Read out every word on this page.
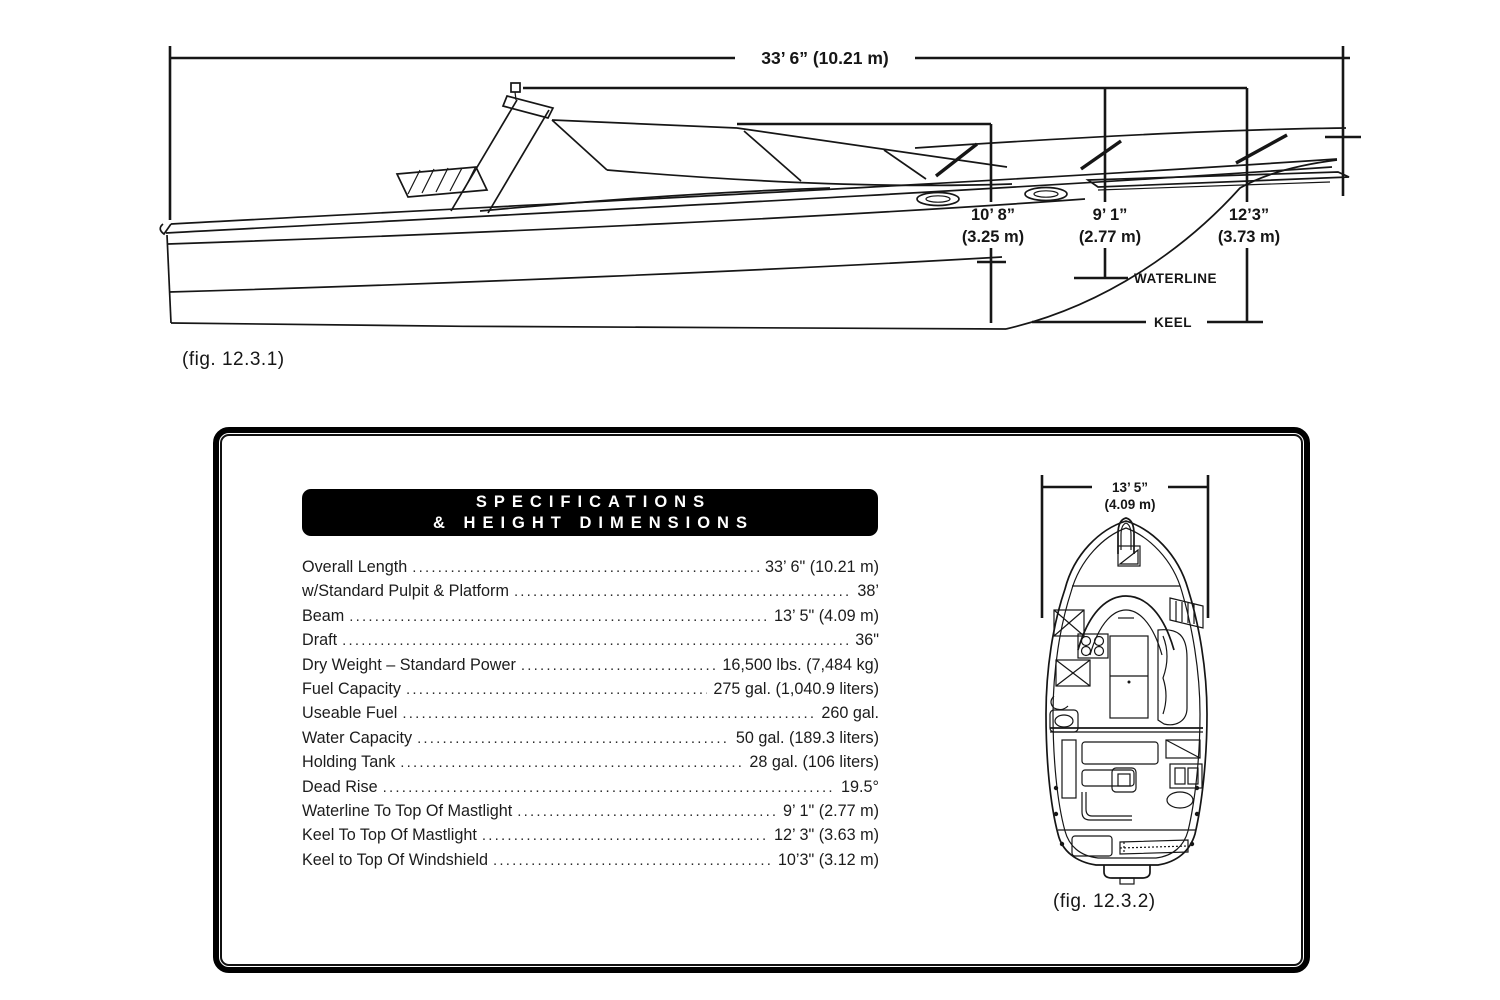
33’ 6” (10.21 m)
10’ 8”
(3.25 m)
9’ 1”
(2.77 m)
12’3”
(3.73 m)
WATERLINE
KEEL
(fig. 12.3.1)
SPECIFICATIONS
& HEIGHT DIMENSIONS
Overall Length .....	33’ 6" (10.21 m)
w/Standard Pulpit & Platform .....	38’
Beam .....	13’ 5" (4.09 m)
Draft .....	36"
Dry Weight – Standard Power .....	16,500 lbs. (7,484 kg)
Fuel Capacity .....	275 gal. (1,040.9 liters)
Useable Fuel .....	260 gal.
Water Capacity .....	50 gal. (189.3 liters)
Holding Tank .....	28 gal. (106 liters)
Dead Rise .....	19.5°
Waterline To Top Of Mastlight .....	9’ 1" (2.77 m)
Keel To Top Of Mastlight .....	12’ 3" (3.63 m)
Keel to Top Of Windshield .....	10’3" (3.12 m)
13’ 5”
(4.09 m)
(fig. 12.3.2)
